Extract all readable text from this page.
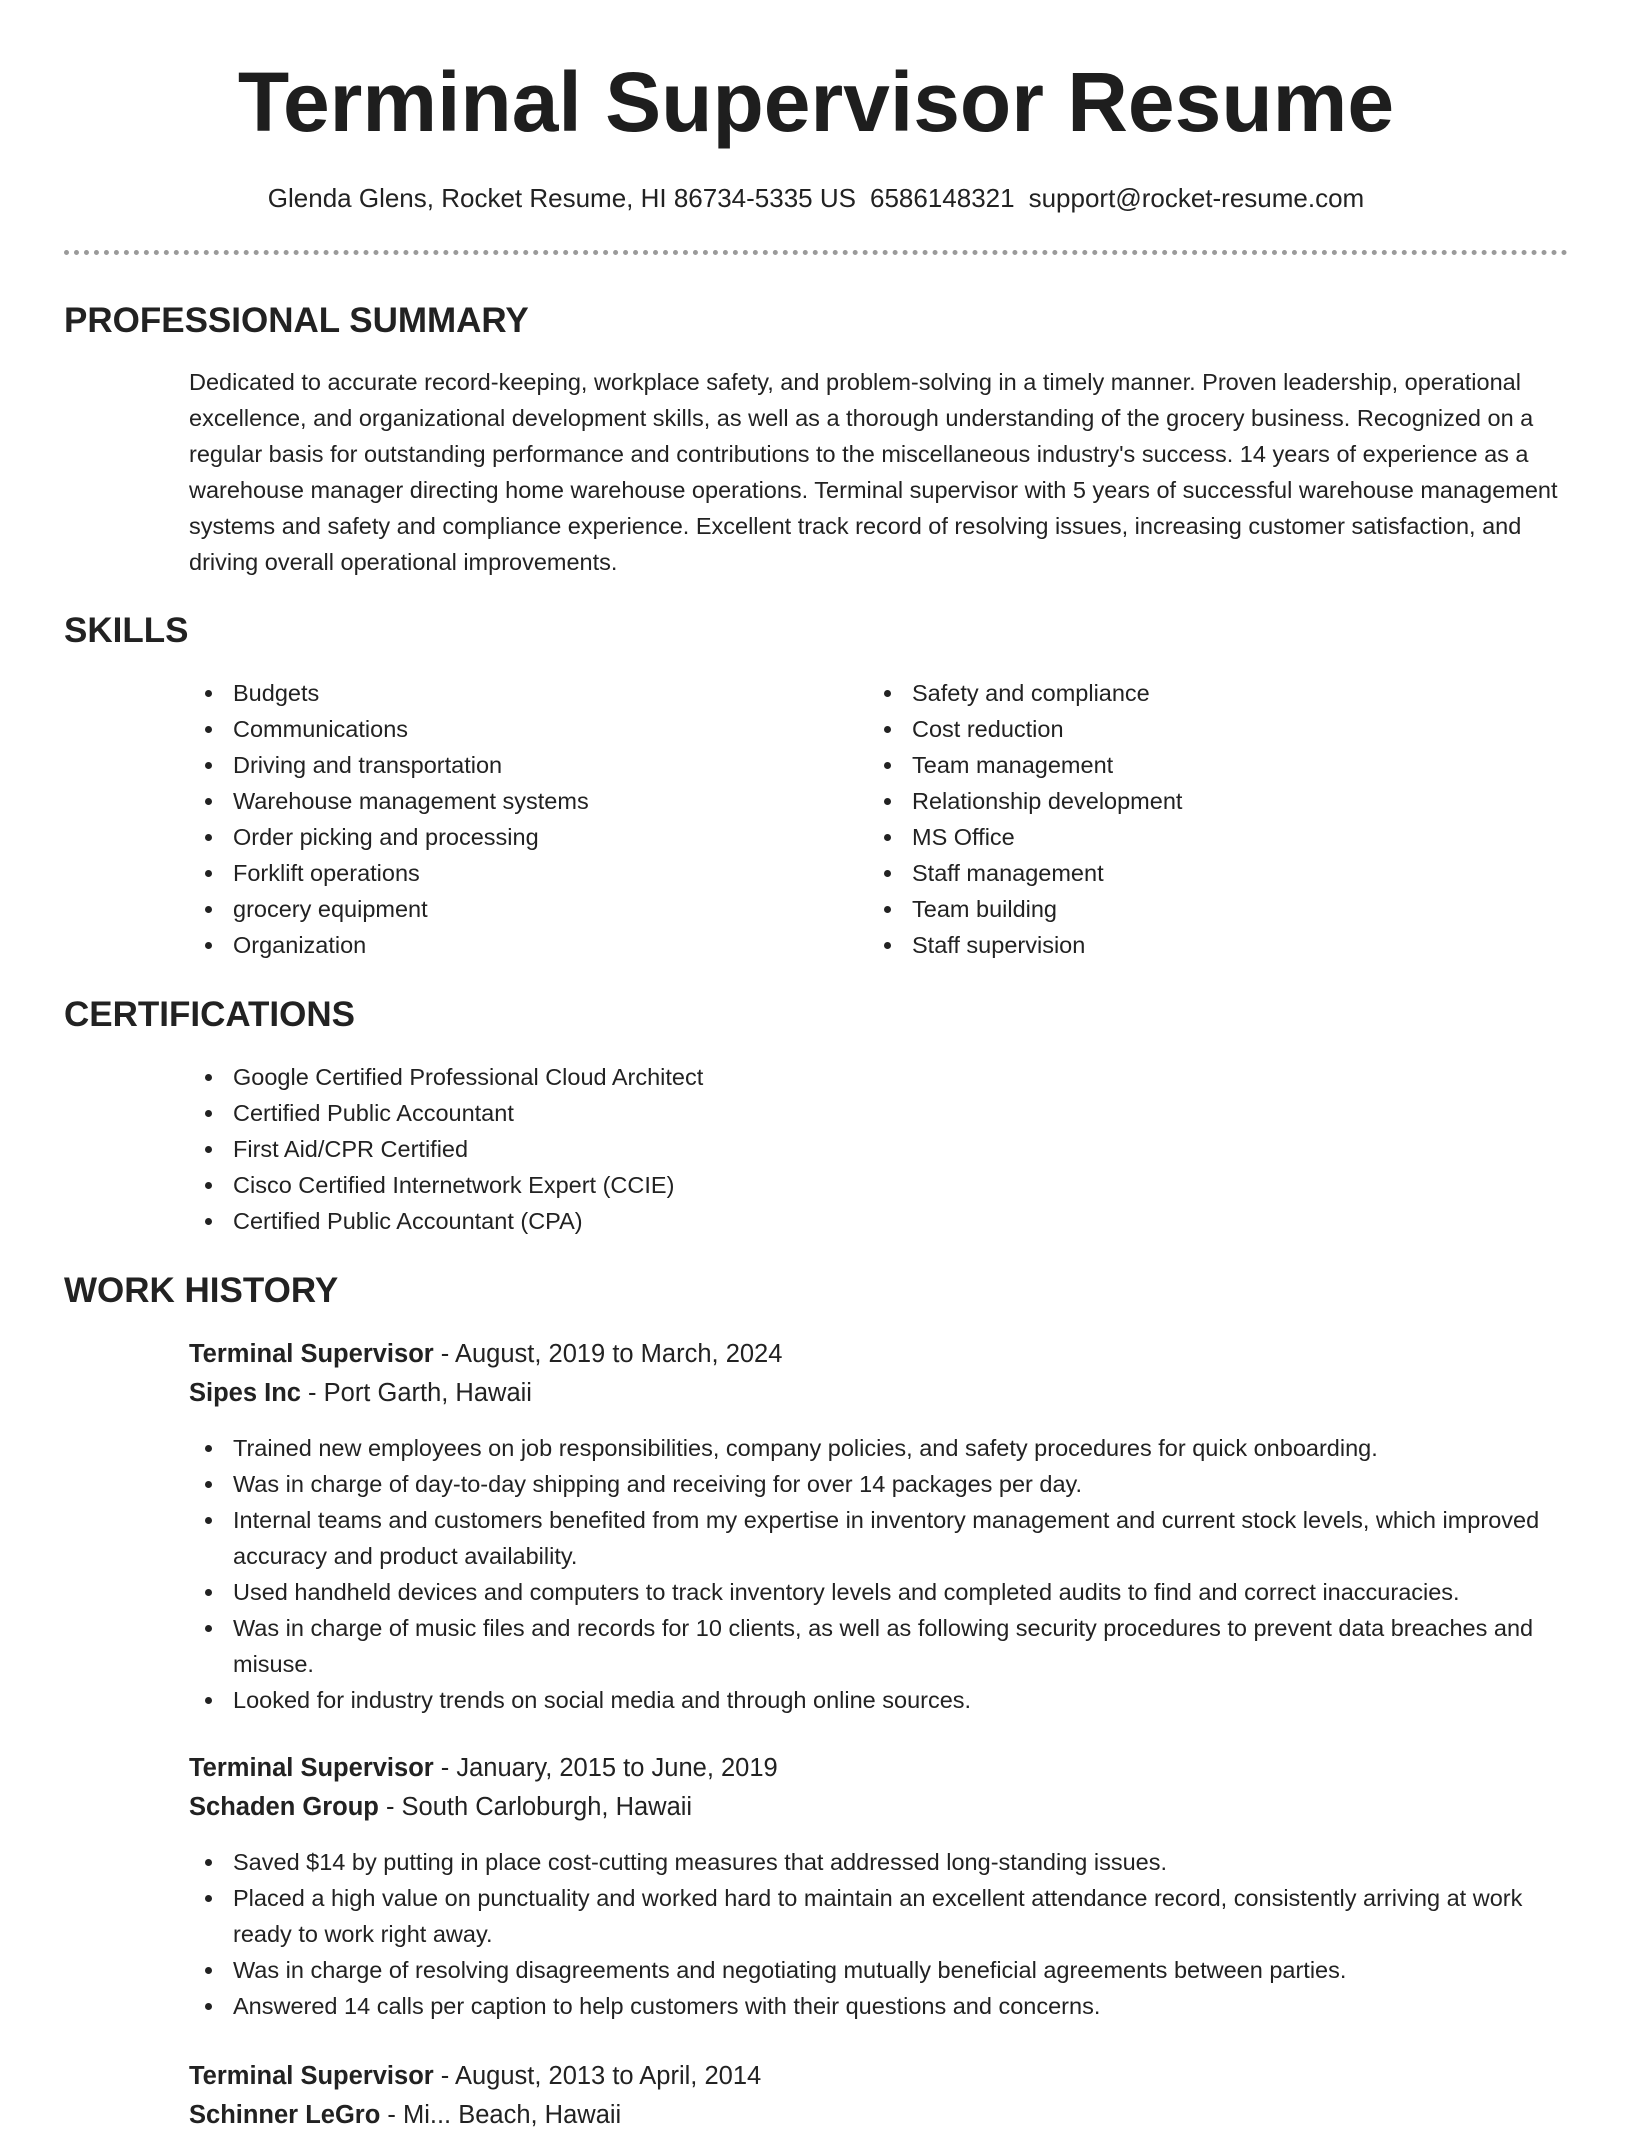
Terminal Supervisor Resume
Glenda Glens, Rocket Resume, HI 86734-5335 US 6586148321 support@rocket-resume.com
PROFESSIONAL SUMMARY

Dedicated to accurate record-keeping, workplace safety, and problem-solving in a timely manner. Proven leadership, operational excellence, and organizational development skills, as well as a thorough understanding of the grocery business. Recognized on a regular basis for outstanding performance and contributions to the miscellaneous industry's success. 14 years of experience as a warehouse manager directing home warehouse operations. Terminal supervisor with 5 years of successful warehouse management systems and safety and compliance experience. Excellent track record of resolving issues, increasing customer satisfaction, and driving overall operational improvements.

SKILLS
Budgets
Communications
Driving and transportation
Warehouse management systems
Order picking and processing
Forklift operations
grocery equipment
Organization
Safety and compliance
Cost reduction
Team management
Relationship development
MS Office
Staff management
Team building
Staff supervision
CERTIFICATIONS
Google Certified Professional Cloud Architect
Certified Public Accountant
First Aid/CPR Certified
Cisco Certified Internetwork Expert (CCIE)
Certified Public Accountant (CPA)
WORK HISTORY
Terminal Supervisor - August, 2019 to March, 2024
Sipes Inc - Port Garth, Hawaii
Trained new employees on job responsibilities, company policies, and safety procedures for quick onboarding.
Was in charge of day-to-day shipping and receiving for over 14 packages per day.
Internal teams and customers benefited from my expertise in inventory management and current stock levels, which improved accuracy and product availability.
Used handheld devices and computers to track inventory levels and completed audits to find and correct inaccuracies.
Was in charge of music files and records for 10 clients, as well as following security procedures to prevent data breaches and misuse.
Looked for industry trends on social media and through online sources.
Terminal Supervisor - January, 2015 to June, 2019
Schaden Group - South Carloburgh, Hawaii
Saved $14 by putting in place cost-cutting measures that addressed long-standing issues.
Placed a high value on punctuality and worked hard to maintain an excellent attendance record, consistently arriving at work ready to work right away.
Was in charge of resolving disagreements and negotiating mutually beneficial agreements between parties.
Answered 14 calls per caption to help customers with their questions and concerns.
Terminal Supervisor - August, 2013 to April, 2014
Schinner LeGro - Mi... Beach, Hawaii
